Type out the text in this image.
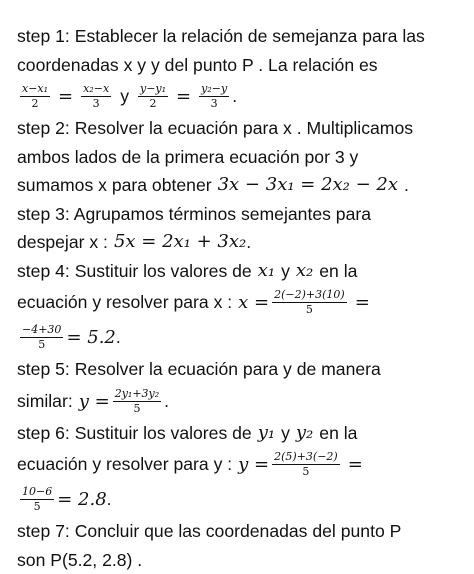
step 1: Establecer la relación de semejanza para las
coordenadas x y y del punto P . La relación es
$\frac{\text{x−x₁}}{2} = \frac{\text{x₂−x}}{3}$ y $\frac{\text{y−y₁}}{2} = \frac{\text{y₂−y}}{3}$ .
step 2: Resolver la ecuación para x . Multiplicamos
ambos lados de la primera ecuación por 3 y
sumamos x para obtener 3x − 3x₁ = 2x₂ − 2x .
step 3: Agrupamos términos semejantes para
despejar x : 5x = 2x₁ + 3x₂ .
step 4: Sustituir los valores de x₁ y x₂ en la
ecuación y resolver para x : $x = \frac{2(-2)+3(10)}{5}$ =
$\frac{-4+30}{5} = 5.2$ .
step 5: Resolver la ecuación para y de manera
similar: $y = \frac{\text{2y₁+3y₂}}{5}$ .
step 6: Sustituir los valores de y₁ y y₂ en la
ecuación y resolver para y : $y = \frac{2(5)+3(-2)}{5}$ =
$\frac{10-6}{5} = 2.8$ .
step 7: Concluir que las coordenadas del punto P
son P(5.2, 2.8) .
